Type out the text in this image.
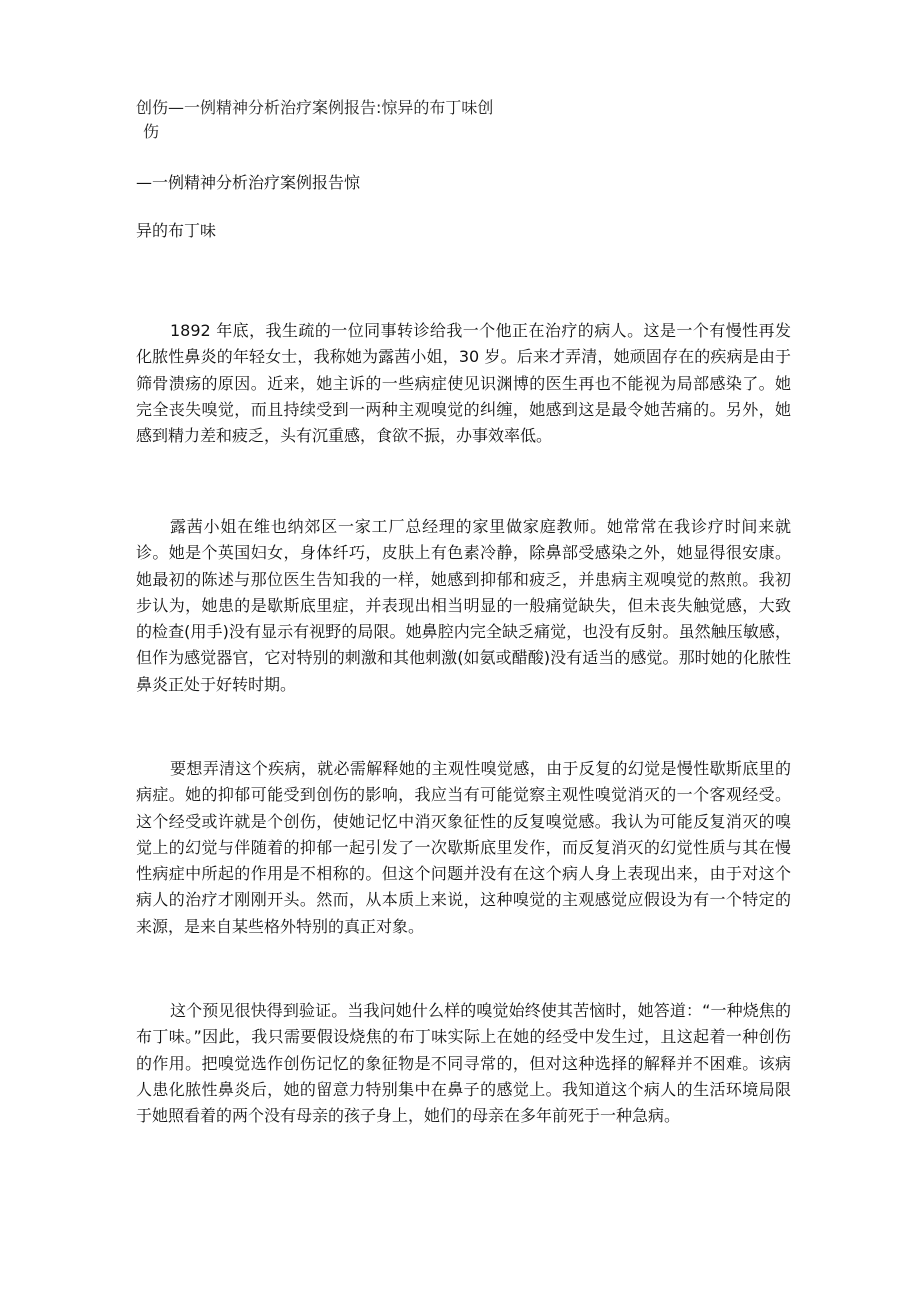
创伤—一例精神分析治疗案例报告:惊异的布丁味创
伤
—一例精神分析治疗案例报告惊
异的布丁味

1892 年底，我生疏的一位同事转诊给我一个他正在治疗的病人。这是一个有慢性再发化脓性鼻炎的年轻女士，我称她为露茜小姐，30 岁。后来才弄清，她顽固存在的疾病是由于筛骨溃疡的原因。近来，她主诉的一些病症使见识渊博的医生再也不能视为局部感染了。她完全丧失嗅觉，而且持续受到一两种主观嗅觉的纠缠，她感到这是最令她苦痛的。另外，她感到精力差和疲乏，头有沉重感，食欲不振，办事效率低。

露茜小姐在维也纳郊区一家工厂总经理的家里做家庭教师。她常常在我诊疗时间来就诊。她是个英国妇女，身体纤巧，皮肤上有色素冷静，除鼻部受感染之外，她显得很安康。她最初的陈述与那位医生告知我的一样，她感到抑郁和疲乏，并患病主观嗅觉的熬煎。我初步认为，她患的是歇斯底里症，并表现出相当明显的一般痛觉缺失，但未丧失触觉感，大致的检查(用手)没有显示有视野的局限。她鼻腔内完全缺乏痛觉，也没有反射。虽然触压敏感，但作为感觉器官，它对特别的刺激和其他刺激(如氨或醋酸)没有适当的感觉。那时她的化脓性鼻炎正处于好转时期。

要想弄清这个疾病，就必需解释她的主观性嗅觉感，由于反复的幻觉是慢性歇斯底里的病症。她的抑郁可能受到创伤的影响，我应当有可能觉察主观性嗅觉消灭的一个客观经受。这个经受或许就是个创伤，使她记忆中消灭象征性的反复嗅觉感。我认为可能反复消灭的嗅觉上的幻觉与伴随着的抑郁一起引发了一次歇斯底里发作，而反复消灭的幻觉性质与其在慢性病症中所起的作用是不相称的。但这个问题并没有在这个病人身上表现出来，由于对这个病人的治疗才刚刚开头。然而，从本质上来说，这种嗅觉的主观感觉应假设为有一个特定的来源，是来自某些格外特别的真正对象。

这个预见很快得到验证。当我问她什么样的嗅觉始终使其苦恼时，她答道：“一种烧焦的布丁味。”因此，我只需要假设烧焦的布丁味实际上在她的经受中发生过，且这起着一种创伤的作用。把嗅觉选作创伤记忆的象征物是不同寻常的，但对这种选择的解释并不困难。该病人患化脓性鼻炎后，她的留意力特别集中在鼻子的感觉上。我知道这个病人的生活环境局限于她照看着的两个没有母亲的孩子身上，她们的母亲在多年前死于一种急病。
